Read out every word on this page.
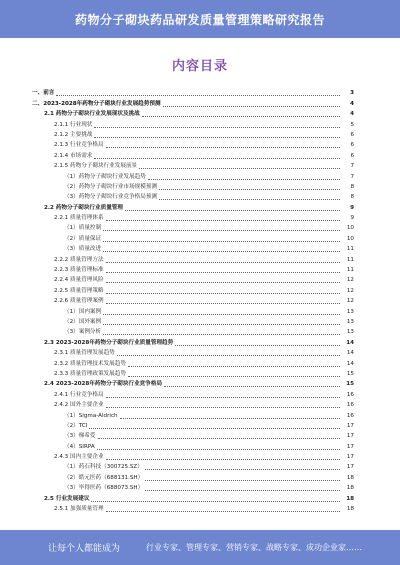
药物分子砌块药品研发质量管理策略研究报告
内容目录
一、前言	3
二、2023-2028年药物分子砌块行业发展趋势预测	4
2.1 药物分子砌块行业发展现状及挑战	4
2.1.1 行业现状	5
2.1.2 主要挑战	6
2.1.3 行业竞争格局	6
2.1.4 市场需求	6
2.1.5 药物分子砌块行业发展前景	7
（1）药物分子砌块行业发展趋势	7
（2）药物分子砌块行业市场规模预测	8
（3）药物分子砌块行业竞争格局预测	8
2.2 药物分子砌块行业质量管理	9
2.2.1 质量管理体系	9
（1）质量控制	10
（2）质量保证	10
（3）质量改进	11
2.2.2 质量管理方法	11
2.2.3 质量管理标准	11
2.2.4 质量管理风险	12
2.2.5 质量管理策略	12
2.2.6 质量管理案例	12
（1）国内案例	13
（2）国外案例	13
（3）案例分析	13
2.3 2023-2028年药物分子砌块行业质量管理趋势	14
2.3.1 质量管理发展趋势	14
2.3.2 质量管理技术发展趋势	14
2.3.3 质量管理政策发展趋势	15
2.4 2023-2028年药物分子砌块行业竞争格局	15
2.4.1 行业竞争格局	16
2.4.2 国外主要企业	16
（1）Sigma-Aldrich	16
（2）TCI	17
（3）梯希爱	17
（4）SIRPA	17
2.4.3 国内主要企业	17
（1）药石科技（300725.SZ）	17
（2）皓元医药（688131.SH）	18
（3）毕得医药（688073.SH）	18
2.5 行业发展建议	18
2.5.1 加强质量管理	18
让每个人都能成为	行业专家、管理专家、营销专家、战略专家、成功企业家……
